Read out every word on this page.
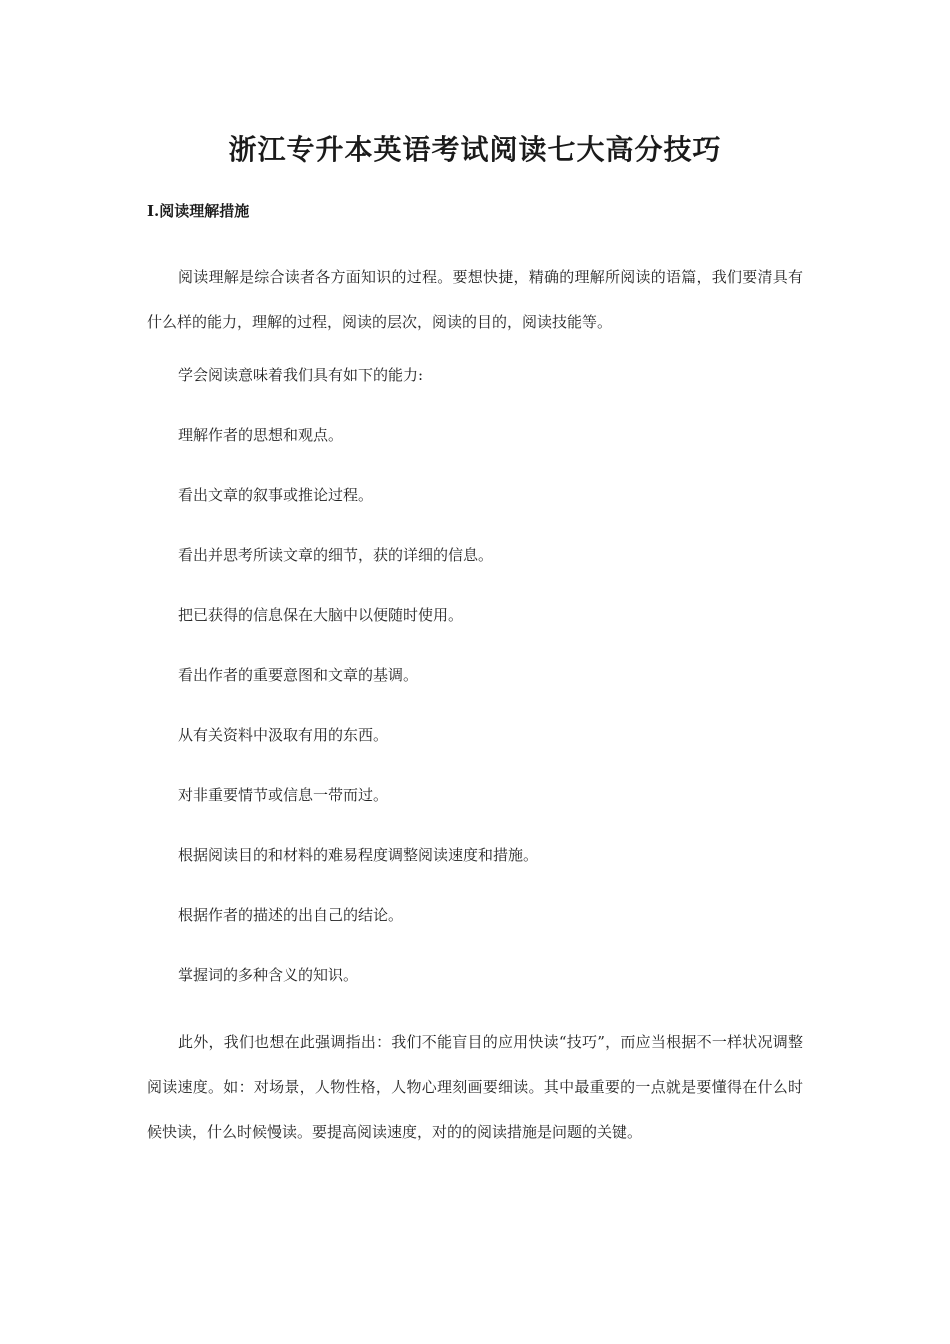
浙江专升本英语考试阅读七大高分技巧
Ⅰ.阅读理解措施

阅读理解是综合读者各方面知识的过程。要想快捷，精确的理解所阅读的语篇，我们要清具有什么样的能力，理解的过程，阅读的层次，阅读的目的，阅读技能等。

学会阅读意味着我们具有如下的能力:

理解作者的思想和观点。

看出文章的叙事或推论过程。

看出并思考所读文章的细节，获的详细的信息。

把已获得的信息保在大脑中以便随时使用。

看出作者的重要意图和文章的基调。

从有关资料中汲取有用的东西。

对非重要情节或信息一带而过。

根据阅读目的和材料的难易程度调整阅读速度和措施。

根据作者的描述的出自己的结论。

掌握词的多种含义的知识。

此外，我们也想在此强调指出：我们不能盲目的应用快读“技巧”，而应当根据不一样状况调整阅读速度。如：对场景，人物性格，人物心理刻画要细读。其中最重要的一点就是要懂得在什么时候快读，什么时候慢读。要提高阅读速度，对的的阅读措施是问题的关键。
